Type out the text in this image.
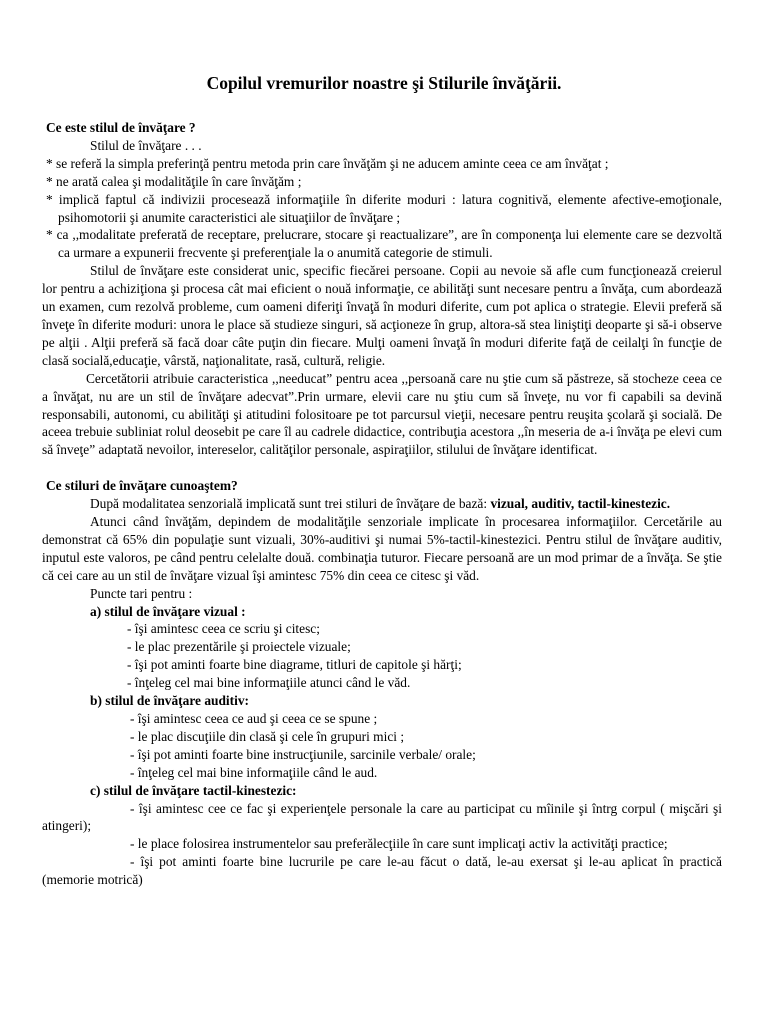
Copilul vremurilor noastre şi Stilurile învăţării.

Ce este stilul de învăţare ?

Stilul de învăţare . . .

* se referă la simpla preferinţă pentru metoda prin care învăţăm şi ne aducem aminte ceea ce am învăţat ;

* ne arată calea şi modalităţile în care învăţăm ;

* implică faptul că indivizii procesează informaţiile în diferite moduri : latura cognitivă, elemente afective-emoţionale, psihomotorii şi anumite caracteristici ale situaţiilor de învăţare ;

* ca ,,modalitate preferată de receptare, prelucrare, stocare şi reactualizare”, are în componenţa lui elemente care se dezvoltă ca urmare a expunerii frecvente şi preferenţiale la o anumită categorie de stimuli.

Stilul de învăţare este considerat unic, specific fiecărei persoane. Copii au nevoie să afle cum funcţionează creierul lor pentru a achiziţiona şi procesa cât mai eficient o nouă informaţie, ce abilităţi sunt necesare pentru a învăţa, cum abordează un examen, cum rezolvă probleme, cum oameni diferiţi învaţă în moduri diferite, cum pot aplica o strategie. Elevii preferă să înveţe în diferite moduri: unora le place să studieze singuri, să acţioneze în grup, altora-să stea liniştiţi deoparte şi să-i observe pe alţii . Alţii preferă să facă doar câte puţin din fiecare. Mulţi oameni învaţă în moduri diferite faţă de ceilalţi în funcţie de clasă socială,educaţie, vârstă, naţionalitate, rasă, cultură, religie.

Cercetătorii atribuie caracteristica ,,needucat” pentru acea ,,persoană care nu ştie cum să păstreze, să stocheze ceea ce a învăţat, nu are un stil de învăţare adecvat”.Prin urmare, elevii care nu ştiu cum să înveţe, nu vor fi capabili sa devină responsabili, autonomi, cu abilităţi şi atitudini folositoare pe tot parcursul vieţii, necesare pentru reuşita şcolară şi socială. De aceea trebuie subliniat rolul deosebit pe care îl au cadrele didactice, contribuţia acestora ,,în meseria de a-i învăţa pe elevi cum să înveţe” adaptată nevoilor, intereselor, calităţilor personale, aspiraţiilor, stilului de învăţare identificat.

Ce stiluri de învăţare cunoaştem?

După modalitatea senzorială implicată sunt trei stiluri de învăţare de bază: vizual, auditiv, tactil-kinestezic.

Atunci când învăţăm, depindem de modalităţile senzoriale implicate în procesarea informaţiilor. Cercetările au demonstrat că 65% din populaţie sunt vizuali, 30%-auditivi şi numai 5%-tactil-kinestezici. Pentru stilul de învăţare auditiv, inputul este valoros, pe când pentru celelalte două. combinaţia tuturor. Fiecare persoană are un mod primar de a învăţa. Se ştie că cei care au un stil de învăţare vizual îşi amintesc 75% din ceea ce citesc şi văd.

Puncte tari pentru :

a) stilul de învăţare vizual :

- îşi amintesc ceea ce scriu şi citesc;

- le plac prezentările şi proiectele vizuale;

- îşi pot aminti foarte bine diagrame, titluri de capitole şi hărţi;

- înţeleg cel mai bine informaţiile atunci când le văd.

b) stilul de învăţare auditiv:

- îşi amintesc ceea ce aud şi ceea ce se spune ;

- le plac discuţiile din clasă şi cele în grupuri mici ;

- îşi pot aminti foarte bine instrucţiunile, sarcinile verbale/ orale;

- înţeleg cel mai bine informaţiile când le aud.

c) stilul de învăţare tactil-kinestezic:

- îşi amintesc cee ce fac şi experienţele personale la care au participat cu mîinile şi întrg corpul ( mişcări şi atingeri);

- le place folosirea instrumentelor sau preferălecţiile în care sunt implicaţi activ la activităţi practice;

- îşi pot aminti foarte bine lucrurile pe care le-au făcut o dată, le-au exersat şi le-au aplicat în practică (memorie motrică)
